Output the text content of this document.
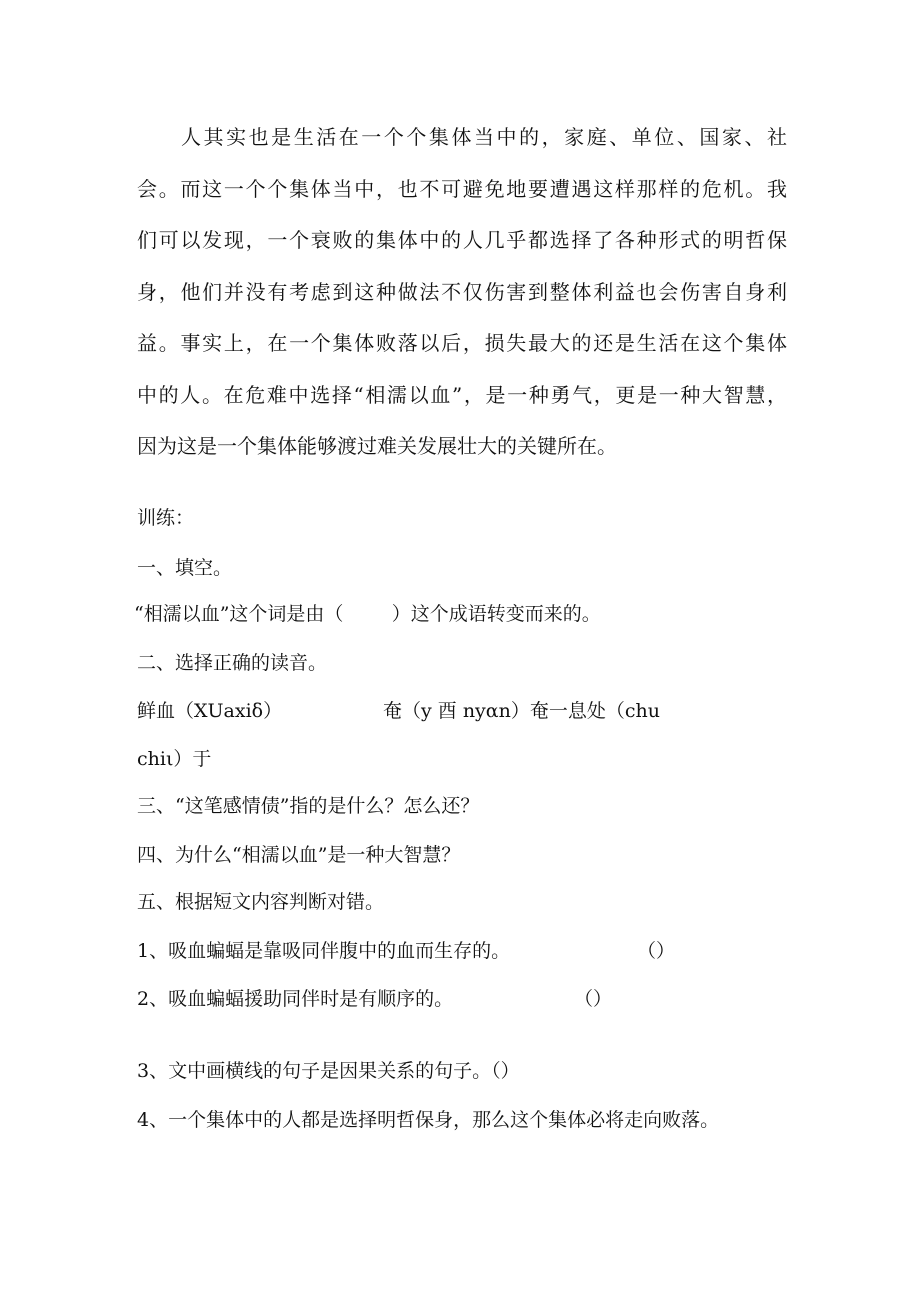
人其实也是生活在一个个集体当中的，家庭、单位、国家、社
会。而这一个个集体当中，也不可避免地要遭遇这样那样的危机。我
们可以发现，一个衰败的集体中的人几乎都选择了各种形式的明哲保
身，他们并没有考虑到这种做法不仅伤害到整体利益也会伤害自身利
益。事实上，在一个集体败落以后，损失最大的还是生活在这个集体
中的人。在危难中选择“相濡以血”，是一种勇气，更是一种大智慧，
因为这是一个集体能够渡过难关发展壮大的关键所在。
训练：
一、填空。
“相濡以血”这个词是由（        ）这个成语转变而来的。
二、选择正确的读音。
鲜血（XUaxiδ）	奄（y 酉 nyαn）奄一息处（chu
chiι）于
三、“这笔感情债”指的是什么？怎么还？
四、为什么“相濡以血”是一种大智慧？
五、根据短文内容判断对错。
1、吸血蝙蝠是靠吸同伴腹中的血而生存的。	（）
2、吸血蝙蝠援助同伴时是有顺序的。	（）
3、文中画横线的句子是因果关系的句子。（）
4、一个集体中的人都是选择明哲保身，那么这个集体必将走向败落。
